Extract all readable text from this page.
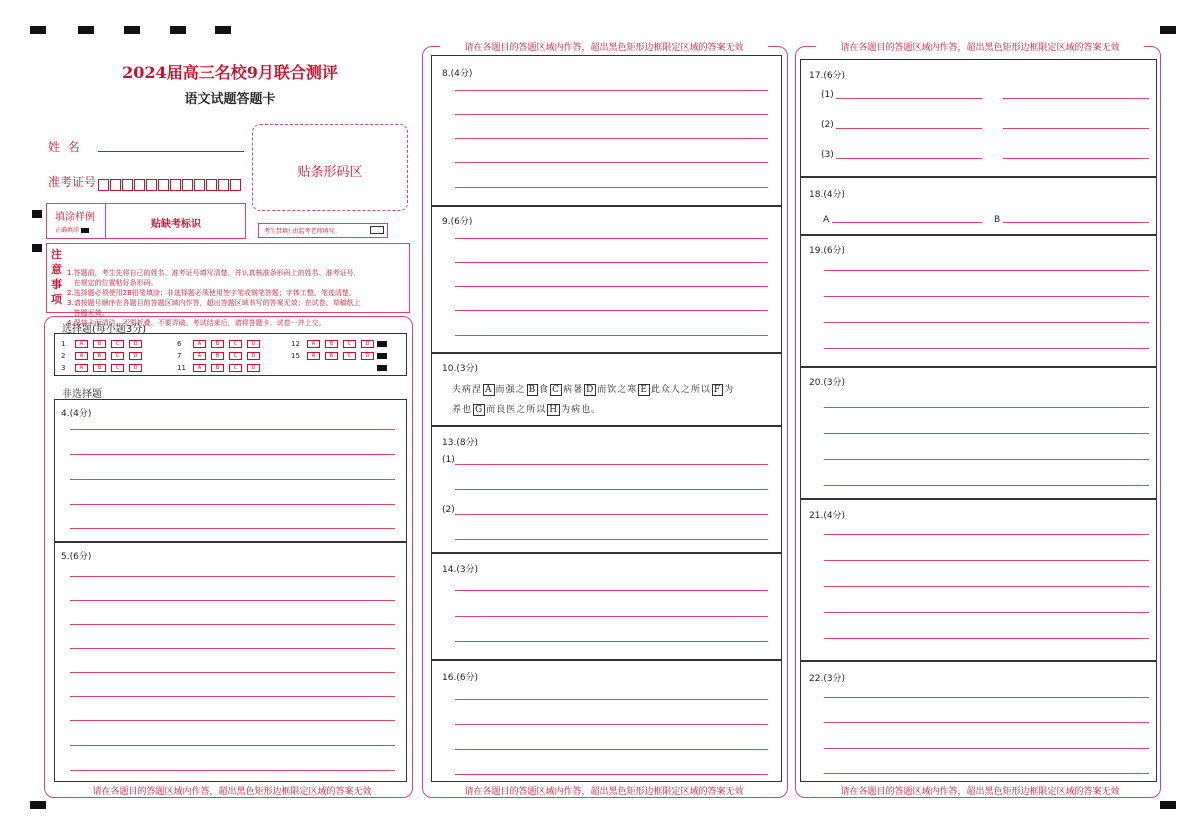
2024届高三名校9月联合测评
语文试题答题卡
姓  名
准考证号
贴条形码区
填涂样例
正确填涂
贴缺考标识
考生禁填! 由监考老师填写。
注
意
事
项

1.答题前，考生先将自己的姓名、准考证号填写清楚，并认真核准条形码上的姓名、准考证号，
在规定的位置粘好条形码。
2.选择题必须使用2B铅笔填涂；非选择题必须使用签字笔或钢笔答题；字体工整、笔迹清楚。
3.请按题号顺序在各题目的答题区域内作答，超出答题区域书写的答案无效；在试卷、草稿纸上
答题无效。
4.保持卡面清洁，不要折叠、不要弄破。考试结束后，请将答题卡、试卷一并上交。

选择题(每小题3分)
1	A	B	C	D
2	A	B	C	D
3	A	B	C	D
6	A	B	C	D
7	A	B	C	D
11 A	B	C	D
12 A	B	C	D
15 A	B	C	D
非选择题
4.(4分)
5.(6分)
请在各题目的答题区域内作答，超出黑色矩形边框限定区域的答案无效
请在各题目的答题区域内作答，超出黑色矩形边框限定区域的答案无效
请在各题目的答题区域内作答，超出黑色矩形边框限定区域的答案无效
8.(4分)
9.(6分)
10.(3分)
夫病涅 A 而强之 B 食 C 病暑 D 而饮之寒 E 此众人之所以 F 为
养也 G 而良医之所以 H 为病也。
13.(8分)
(1)
(2)
14.(3分)
16.(6分)
请在各题目的答题区域内作答，超出黑色矩形边框限定区域的答案无效
请在各题目的答题区域内作答，超出黑色矩形边框限定区域的答案无效
17.(6分)
(1)
(2)
(3)
18.(4分)
A	B
19.(6分)
20.(3分)
21.(4分)
22.(3分)
